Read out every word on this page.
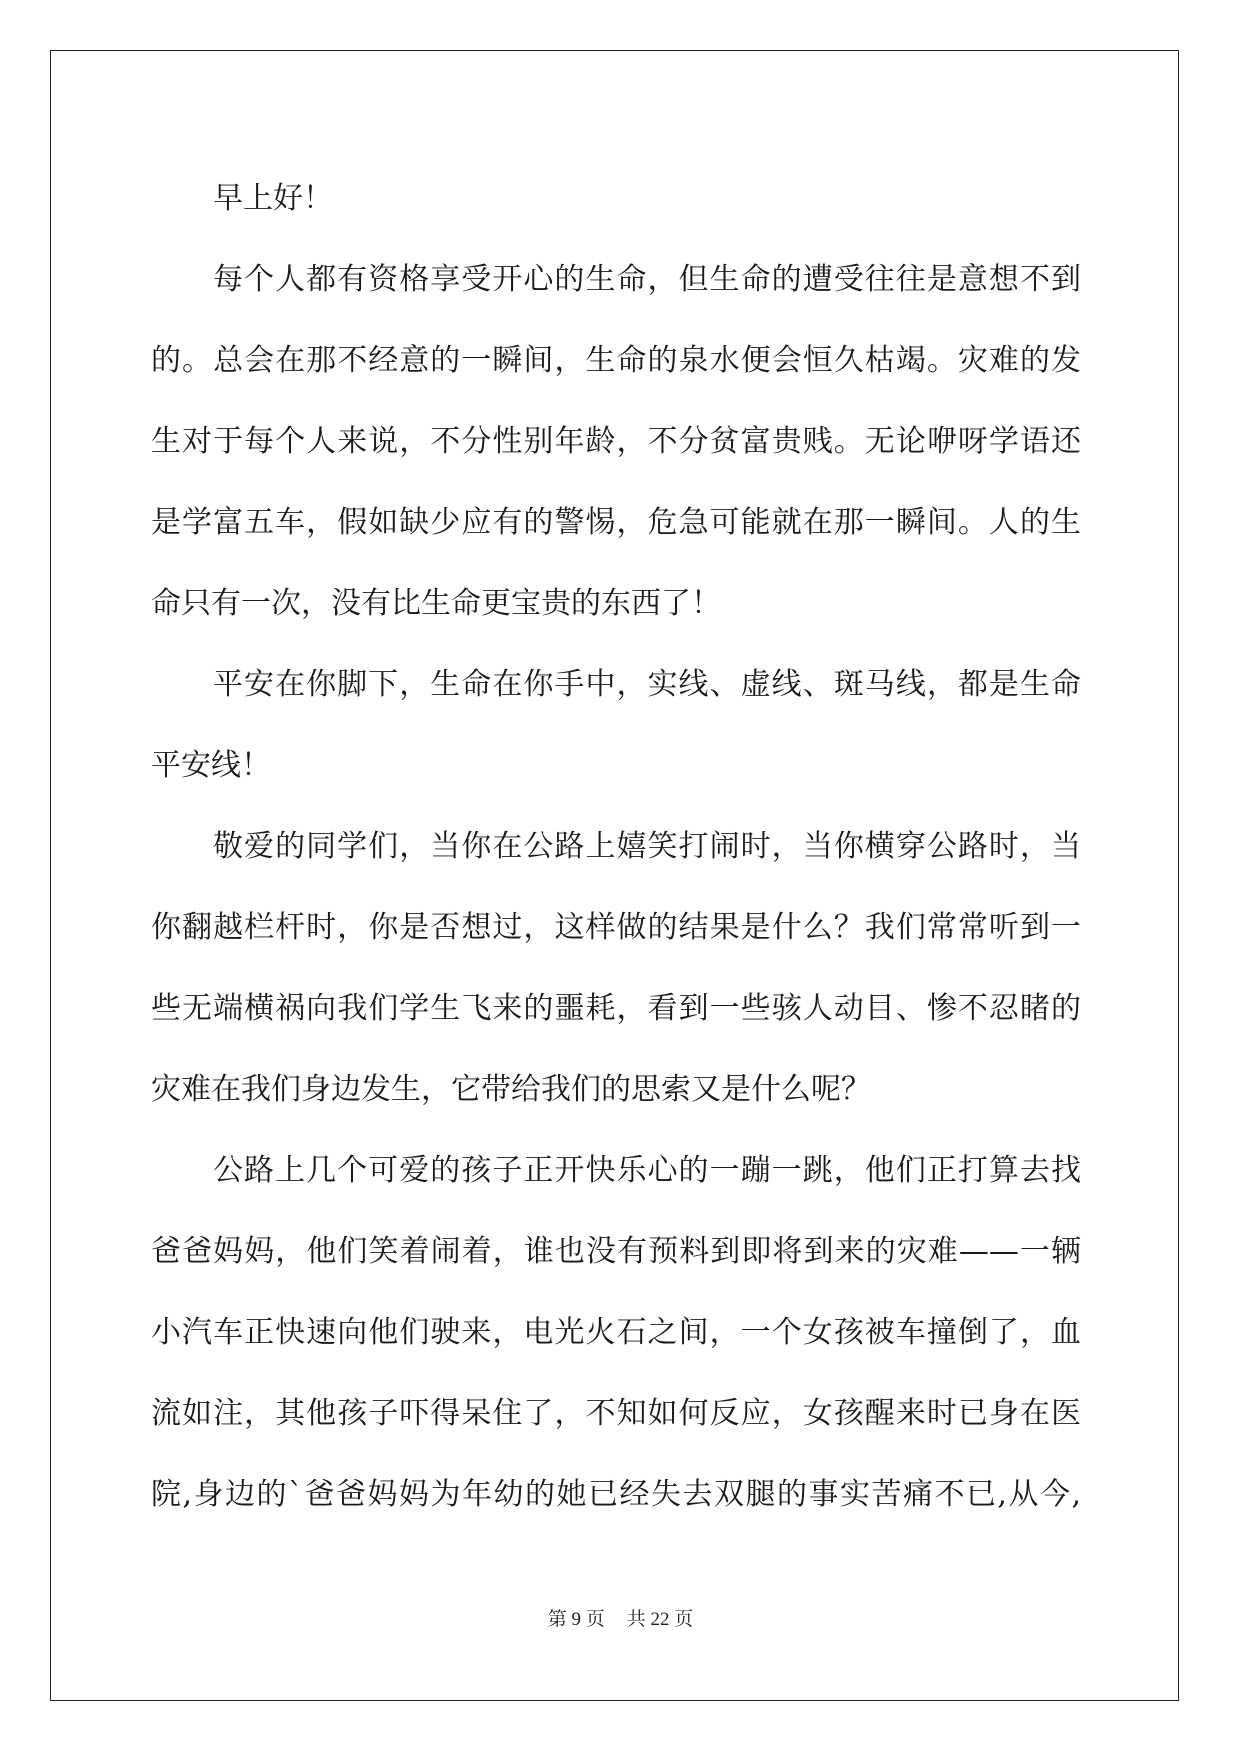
早上好！
每个人都有资格享受开心的生命，但生命的遭受往往是意想不到
的。总会在那不经意的一瞬间，生命的泉水便会恒久枯竭。灾难的发
生对于每个人来说，不分性别年龄，不分贫富贵贱。无论咿呀学语还
是学富五车，假如缺少应有的警惕，危急可能就在那一瞬间。人的生
命只有一次，没有比生命更宝贵的东西了！
平安在你脚下，生命在你手中，实线、虚线、斑马线，都是生命
平安线！
敬爱的同学们，当你在公路上嬉笑打闹时，当你横穿公路时，当
你翻越栏杆时，你是否想过，这样做的结果是什么？我们常常听到一
些无端横祸向我们学生飞来的噩耗，看到一些骇人动目、惨不忍睹的
灾难在我们身边发生，它带给我们的思索又是什么呢？
公路上几个可爱的孩子正开快乐心的一蹦一跳，他们正打算去找
爸爸妈妈，他们笑着闹着，谁也没有预料到即将到来的灾难——一辆
小汽车正快速向他们驶来，电光火石之间，一个女孩被车撞倒了，血
流如注，其他孩子吓得呆住了，不知如何反应，女孩醒来时已身在医
院,身边的`爸爸妈妈为年幼的她已经失去双腿的事实苦痛不已,从今,
第 9 页 共 22 页
